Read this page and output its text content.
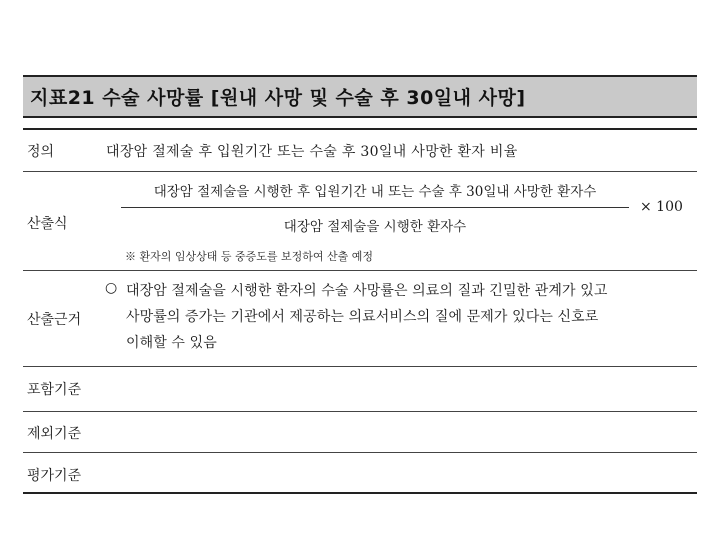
지표21 수술 사망률 [원내 사망 및 수술 후 30일내 사망]
정의	대장암 절제술 후 입원기간 또는 수술 후 30일내 사망한 환자 비율
산출식
대장암 절제술을 시행한 후 입원기간 내 또는 수술 후 30일내 사망한 환자수
대장암 절제술을 시행한 환자수
× 100
※ 환자의 임상상태 등 중증도를 보정하여 산출 예정
○
산출근거
대장암 절제술을 시행한 환자의 수술 사망률은 의료의 질과 긴밀한 관계가 있고
사망률의 증가는 기관에서 제공하는 의료서비스의 질에 문제가 있다는 신호로
이해할 수 있음
포함기준
제외기준
평가기준
